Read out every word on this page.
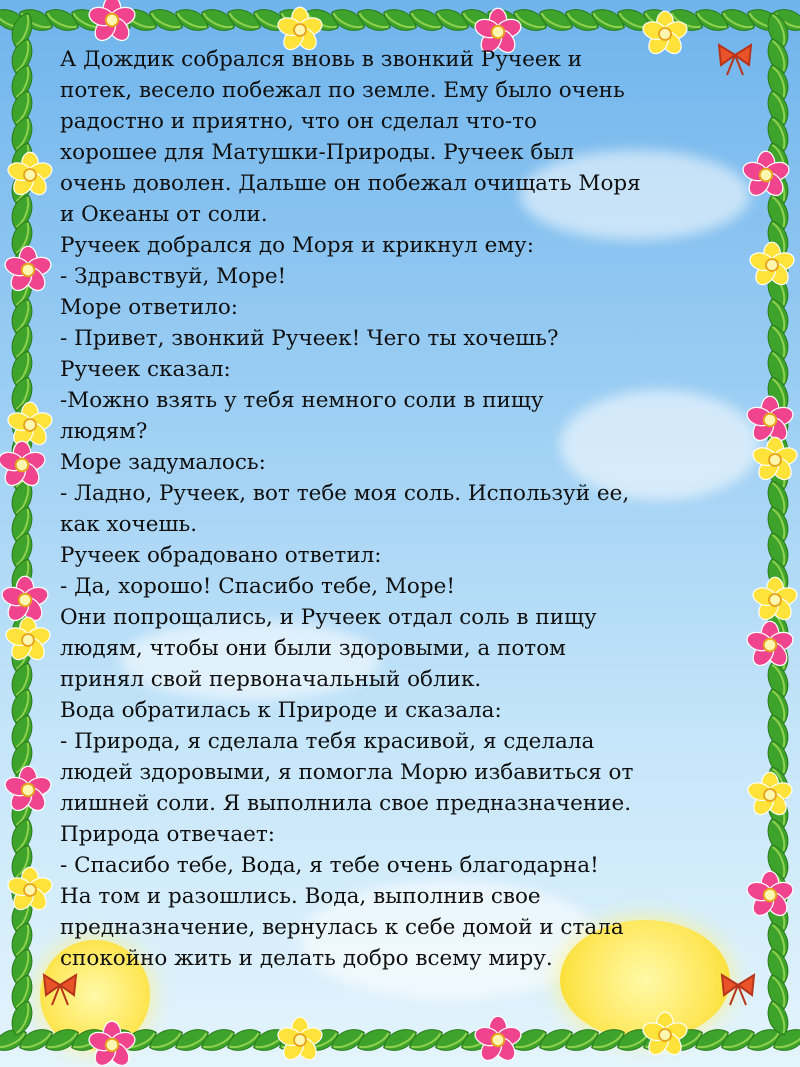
А Дождик собрался вновь в звонкий Ручеек и
потек, весело побежал по земле. Ему было очень
радостно и приятно, что он сделал что-то
хорошее для Матушки-Природы. Ручеек был
очень доволен. Дальше он побежал очищать Моря
и Океаны от соли.
Ручеек добрался до Моря и крикнул ему:
- Здравствуй, Море!
Море ответило:
- Привет, звонкий Ручеек! Чего ты хочешь?
Ручеек сказал:
-Можно взять у тебя немного соли в пищу
людям?
Море задумалось:
- Ладно, Ручеек, вот тебе моя соль. Используй ее,
как хочешь.
Ручеек обрадовано ответил:
- Да, хорошо! Спасибо тебе, Море!
Они попрощались, и Ручеек отдал соль в пищу
людям, чтобы они были здоровыми, а потом
принял свой первоначальный облик.
Вода обратилась к Природе и сказала:
- Природа, я сделала тебя красивой, я сделала
людей здоровыми, я помогла Морю избавиться от
лишней соли. Я выполнила свое предназначение.
Природа отвечает:
- Спасибо тебе, Вода, я тебе очень благодарна!
На том и разошлись. Вода, выполнив свое
предназначение, вернулась к себе домой и стала
спокойно жить и делать добро всему миру.
